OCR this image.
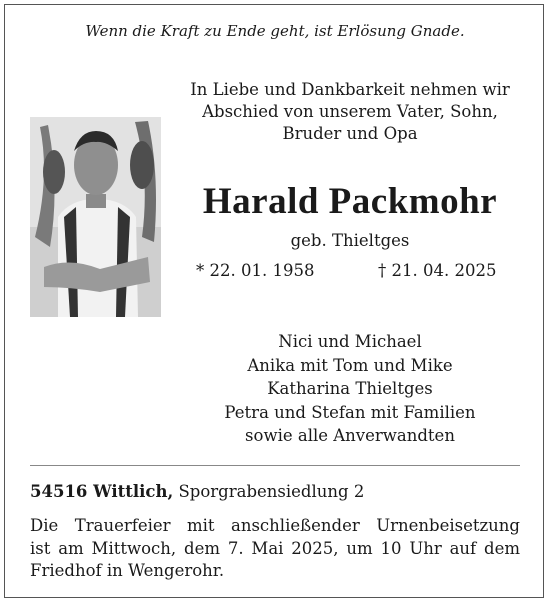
Wenn die Kraft zu Ende geht, ist Erlösung Gnade.
In Liebe und Dankbarkeit nehmen wir
Abschied von unserem Vater, Sohn,
Bruder und Opa
Harald Packmohr
geb. Thieltges
* 22. 01. 1958	† 21. 04. 2025
Nici und Michael
Anika mit Tom und Mike
Katharina Thieltges
Petra und Stefan mit Familien
sowie alle Anverwandten
54516 Wittlich, Sporgrabensiedlung 2
Die Trauerfeier mit anschließender Urnenbeisetzung
ist am Mittwoch, dem 7. Mai 2025, um 10 Uhr auf dem
Friedhof in Wengerohr.
